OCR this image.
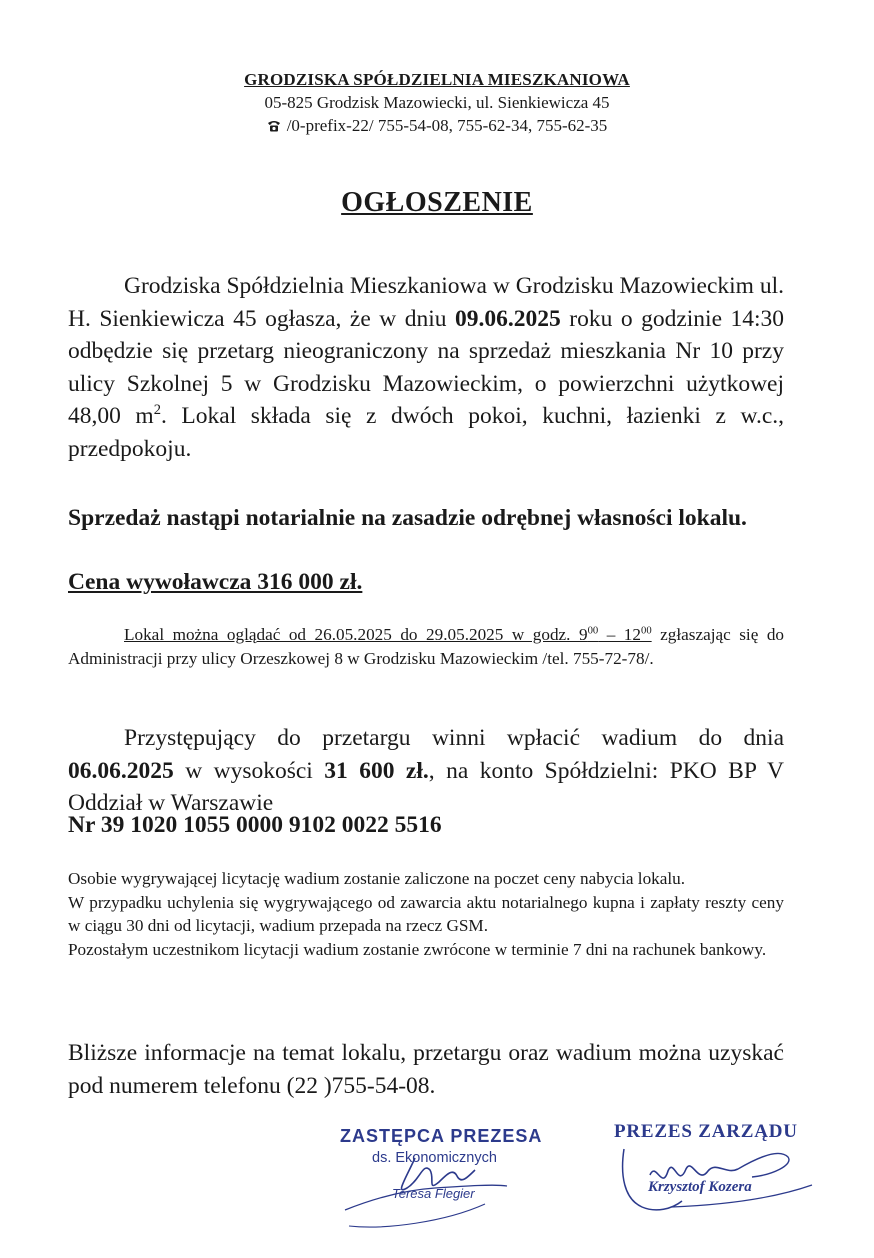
GRODZISKA SPÓŁDZIELNIA MIESZKANIOWA
05-825 Grodzisk Mazowiecki, ul. Sienkiewicza 45
/0-prefix-22/ 755-54-08, 755-62-34, 755-62-35
OGŁOSZENIE
Grodziska Spółdzielnia Mieszkaniowa w Grodzisku Mazowieckim ul. H. Sienkiewicza 45 ogłasza, że w dniu 09.06.2025 roku o godzinie 14:30 odbędzie się przetarg nieograniczony na sprzedaż mieszkania Nr 10 przy ulicy Szkolnej 5 w Grodzisku Mazowieckim, o powierzchni użytkowej 48,00 $m^2$. Lokal składa się z dwóch pokoi, kuchni, łazienki z w.c., przedpokoju.
Sprzedaż nastąpi notarialnie na zasadzie odrębnej własności lokalu.
Cena wywoławcza 316 000 zł.
Lokal można oglądać od 26.05.2025 do 29.05.2025 w godz. $9^{00} - 12^{00}$ zgłaszając się do Administracji przy ulicy Orzeszkowej 8 w Grodzisku Mazowieckim /tel. 755-72-78/.
Przystępujący do przetargu winni wpłacić wadium do dnia 06.06.2025 w wysokości 31 600 zł., na konto Spółdzielni: PKO BP V Oddział w Warszawie
Nr 39 1020 1055 0000 9102 0022 5516
Osobie wygrywającej licytację wadium zostanie zaliczone na poczet ceny nabycia lokalu.
W przypadku uchylenia się wygrywającego od zawarcia aktu notarialnego kupna i zapłaty reszty ceny w ciągu 30 dni od licytacji, wadium przepada na rzecz GSM.
Pozostałym uczestnikom licytacji wadium zostanie zwrócone w terminie 7 dni na rachunek bankowy.
Bliższe informacje na temat lokalu, przetargu oraz wadium można uzyskać pod numerem telefonu (22 )755-54-08.
ZASTĘPCA PREZESA
ds. Ekonomicznych
Teresa Flegier
PREZES ZARZĄDU
Krzysztof Kozera
